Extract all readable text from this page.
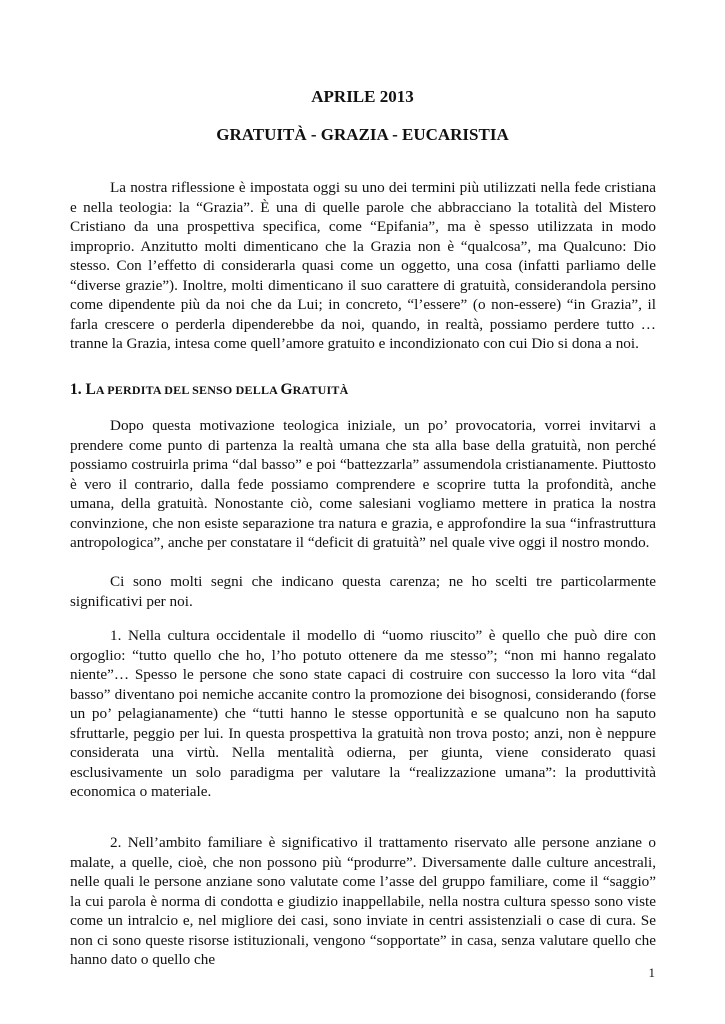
APRILE 2013
GRATUITÀ - GRAZIA - EUCARISTIA

La nostra riflessione è impostata oggi su uno dei termini più utilizzati nella fede cristiana e nella teologia: la “Grazia”. È una di quelle parole che abbracciano la totalità del Mistero Cristiano da una prospettiva specifica, come “Epifania”, ma è spesso utilizzata in modo improprio. Anzitutto molti dimenticano che la Grazia non è “qualcosa”, ma Qualcuno: Dio stesso. Con l’effetto di considerarla quasi come un oggetto, una cosa (infatti parliamo delle “diverse grazie”). Inoltre, molti dimenticano il suo carattere di gratuità, considerandola persino come dipendente più da noi che da Lui; in concreto, “l’essere” (o non-essere) “in Grazia”, il farla crescere o perderla dipenderebbe da noi, quando, in realtà, possiamo perdere tutto … tranne la Grazia, intesa come quell’amore gratuito e incondizionato con cui Dio si dona a noi.

1. LA PERDITA DEL SENSO DELLA GRATUITÀ

Dopo questa motivazione teologica iniziale, un po’ provocatoria, vorrei invitarvi a prendere come punto di partenza la realtà umana che sta alla base della gratuità, non perché possiamo costruirla prima “dal basso” e poi “battezzarla” assumendola cristianamente. Piuttosto è vero il contrario, dalla fede possiamo comprendere e scoprire tutta la profondità, anche umana, della gratuità. Nonostante ciò, come salesiani vogliamo mettere in pratica la nostra convinzione, che non esiste separazione tra natura e grazia, e approfondire la sua “infrastruttura antropologica”, anche per constatare il “deficit di gratuità” nel quale vive oggi il nostro mondo.

Ci sono molti segni che indicano questa carenza; ne ho scelti tre particolarmente significativi per noi.

1. Nella cultura occidentale il modello di “uomo riuscito” è quello che può dire con orgoglio: “tutto quello che ho, l’ho potuto ottenere da me stesso”; “non mi hanno regalato niente”… Spesso le persone che sono state capaci di costruire con successo la loro vita “dal basso” diventano poi nemiche accanite contro la promozione dei bisognosi, considerando (forse un po’ pelagianamente) che “tutti hanno le stesse opportunità e se qualcuno non ha saputo sfruttarle, peggio per lui. In questa prospettiva la gratuità non trova posto; anzi, non è neppure considerata una virtù. Nella mentalità odierna, per giunta, viene considerato quasi esclusivamente un solo paradigma per valutare la “realizzazione umana”: la produttività economica o materiale.

2. Nell’ambito familiare è significativo il trattamento riservato alle persone anziane o malate, a quelle, cioè, che non possono più “produrre”. Diversamente dalle culture ancestrali, nelle quali le persone anziane sono valutate come l’asse del gruppo familiare, come il “saggio” la cui parola è norma di condotta e giudizio inappellabile, nella nostra cultura spesso sono viste come un intralcio e, nel migliore dei casi, sono inviate in centri assistenziali o case di cura. Se non ci sono queste risorse istituzionali, vengono “sopportate” in casa, senza valutare quello che hanno dato o quello che

1
